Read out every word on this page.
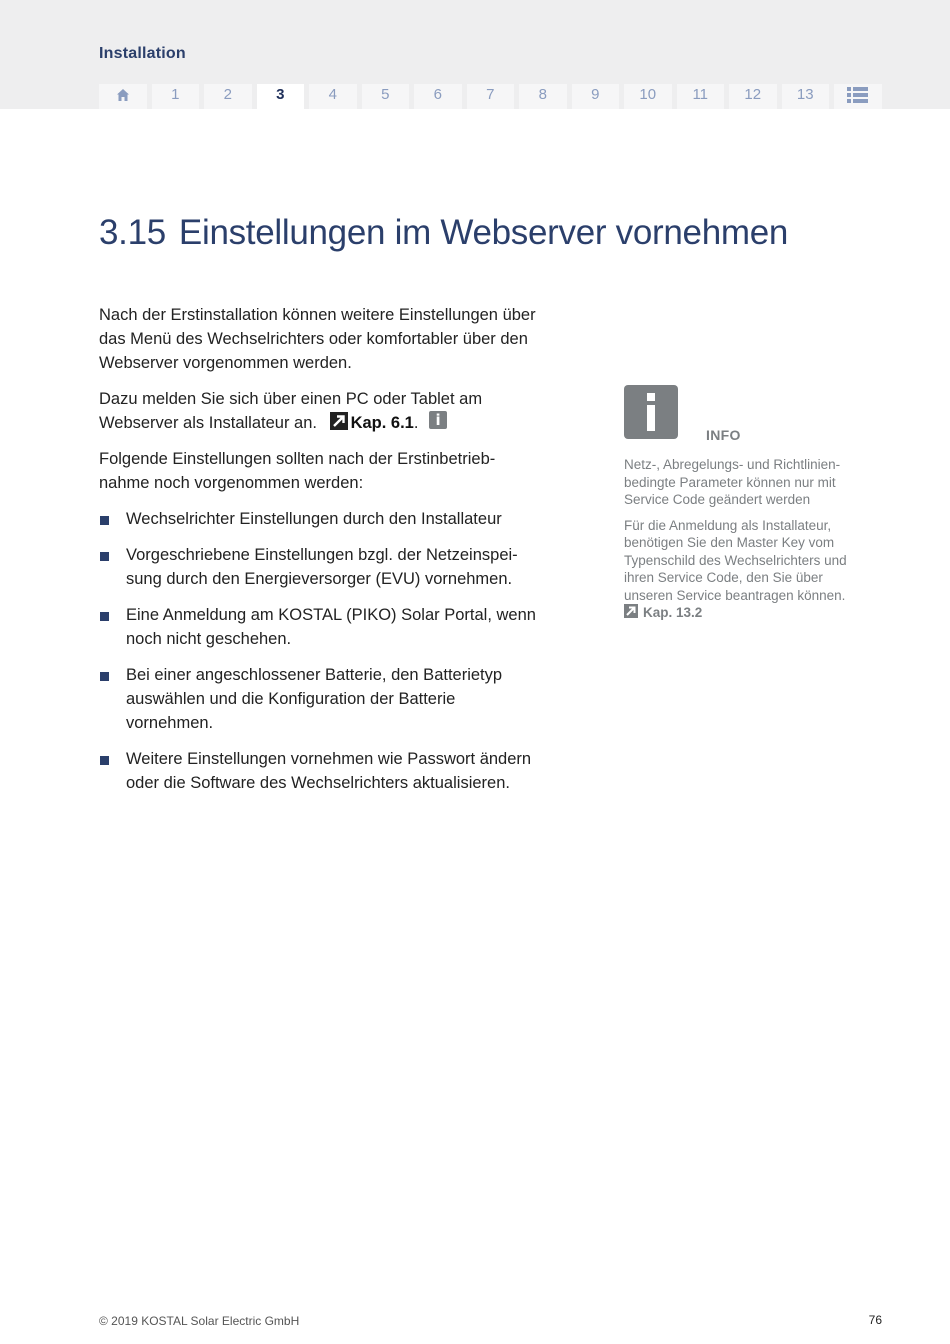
Installation
1	2	3	4	5	6	7	8	9	10	11	12	13
3.15 Einstellungen im Webserver vornehmen

Nach der Erstinstallation können weitere Einstellungen über das Menü des Wechselrichters oder komfortabler über den Webserver vorgenommen werden.

Dazu melden Sie sich über einen PC oder Tablet am Webserver als Installateur an. Kap. 6.1.	i

Folgende Einstellungen sollten nach der Erstinbetriebnahme noch vorgenommen werden:

Wechselrichter Einstellungen durch den Installateur
Vorgeschriebene Einstellungen bzgl. der Netzeinspeisung durch den Energieversorger (EVU) vornehmen.
Eine Anmeldung am KOSTAL (PIKO) Solar Portal, wenn noch nicht geschehen.
Bei einer angeschlossener Batterie, den Batterietyp auswählen und die Konfiguration der Batterie vornehmen.
Weitere Einstellungen vornehmen wie Passwort ändern oder die Software des Wechselrichters aktualisieren.
INFO

Netz-, Abregelungs- und Richtlinienbedingte Parameter können nur mit Service Code geändert werden

Für die Anmeldung als Installateur, benötigen Sie den Master Key vom Typenschild des Wechselrichters und ihren Service Code, den Sie über unseren Service beantragen können.

Kap. 13.2

© 2019 KOSTAL Solar Electric GmbH	76
